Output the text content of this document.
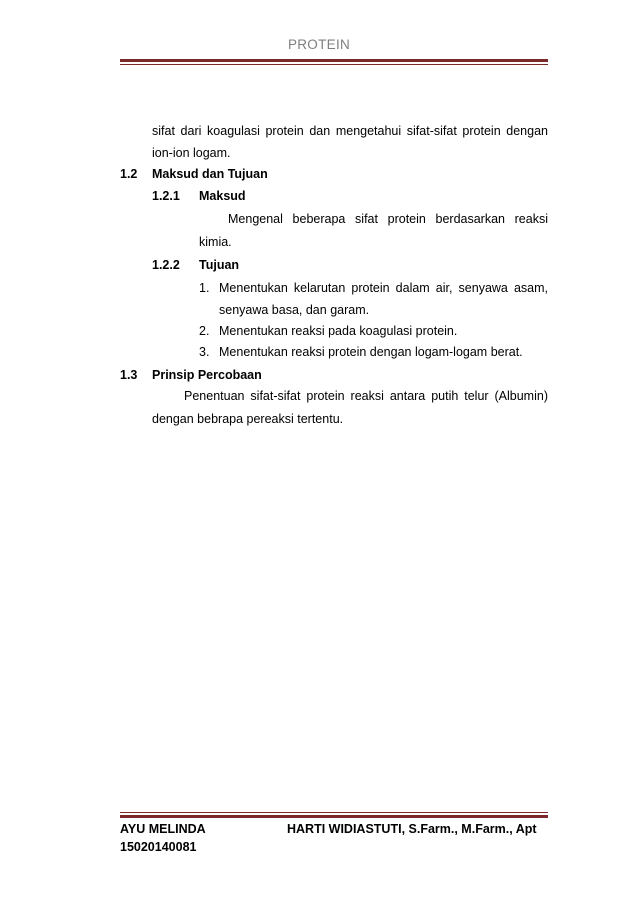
PROTEIN
sifat dari koagulasi protein dan mengetahui sifat-sifat protein dengan
ion-ion logam.
1.2 Maksud dan Tujuan
1.2.1 Maksud
Mengenal beberapa sifat protein berdasarkan reaksi
kimia.
1.2.2 Tujuan
1. Menentukan kelarutan protein dalam air, senyawa asam,
senyawa basa, dan garam.
2. Menentukan reaksi pada koagulasi protein.
3. Menentukan reaksi protein dengan logam-logam berat.
1.3 Prinsip Percobaan
Penentuan sifat-sifat protein reaksi antara putih telur (Albumin)
dengan bebrapa pereaksi tertentu.
AYU MELINDA	HARTI WIDIASTUTI, S.Farm., M.Farm., Apt
15020140081
